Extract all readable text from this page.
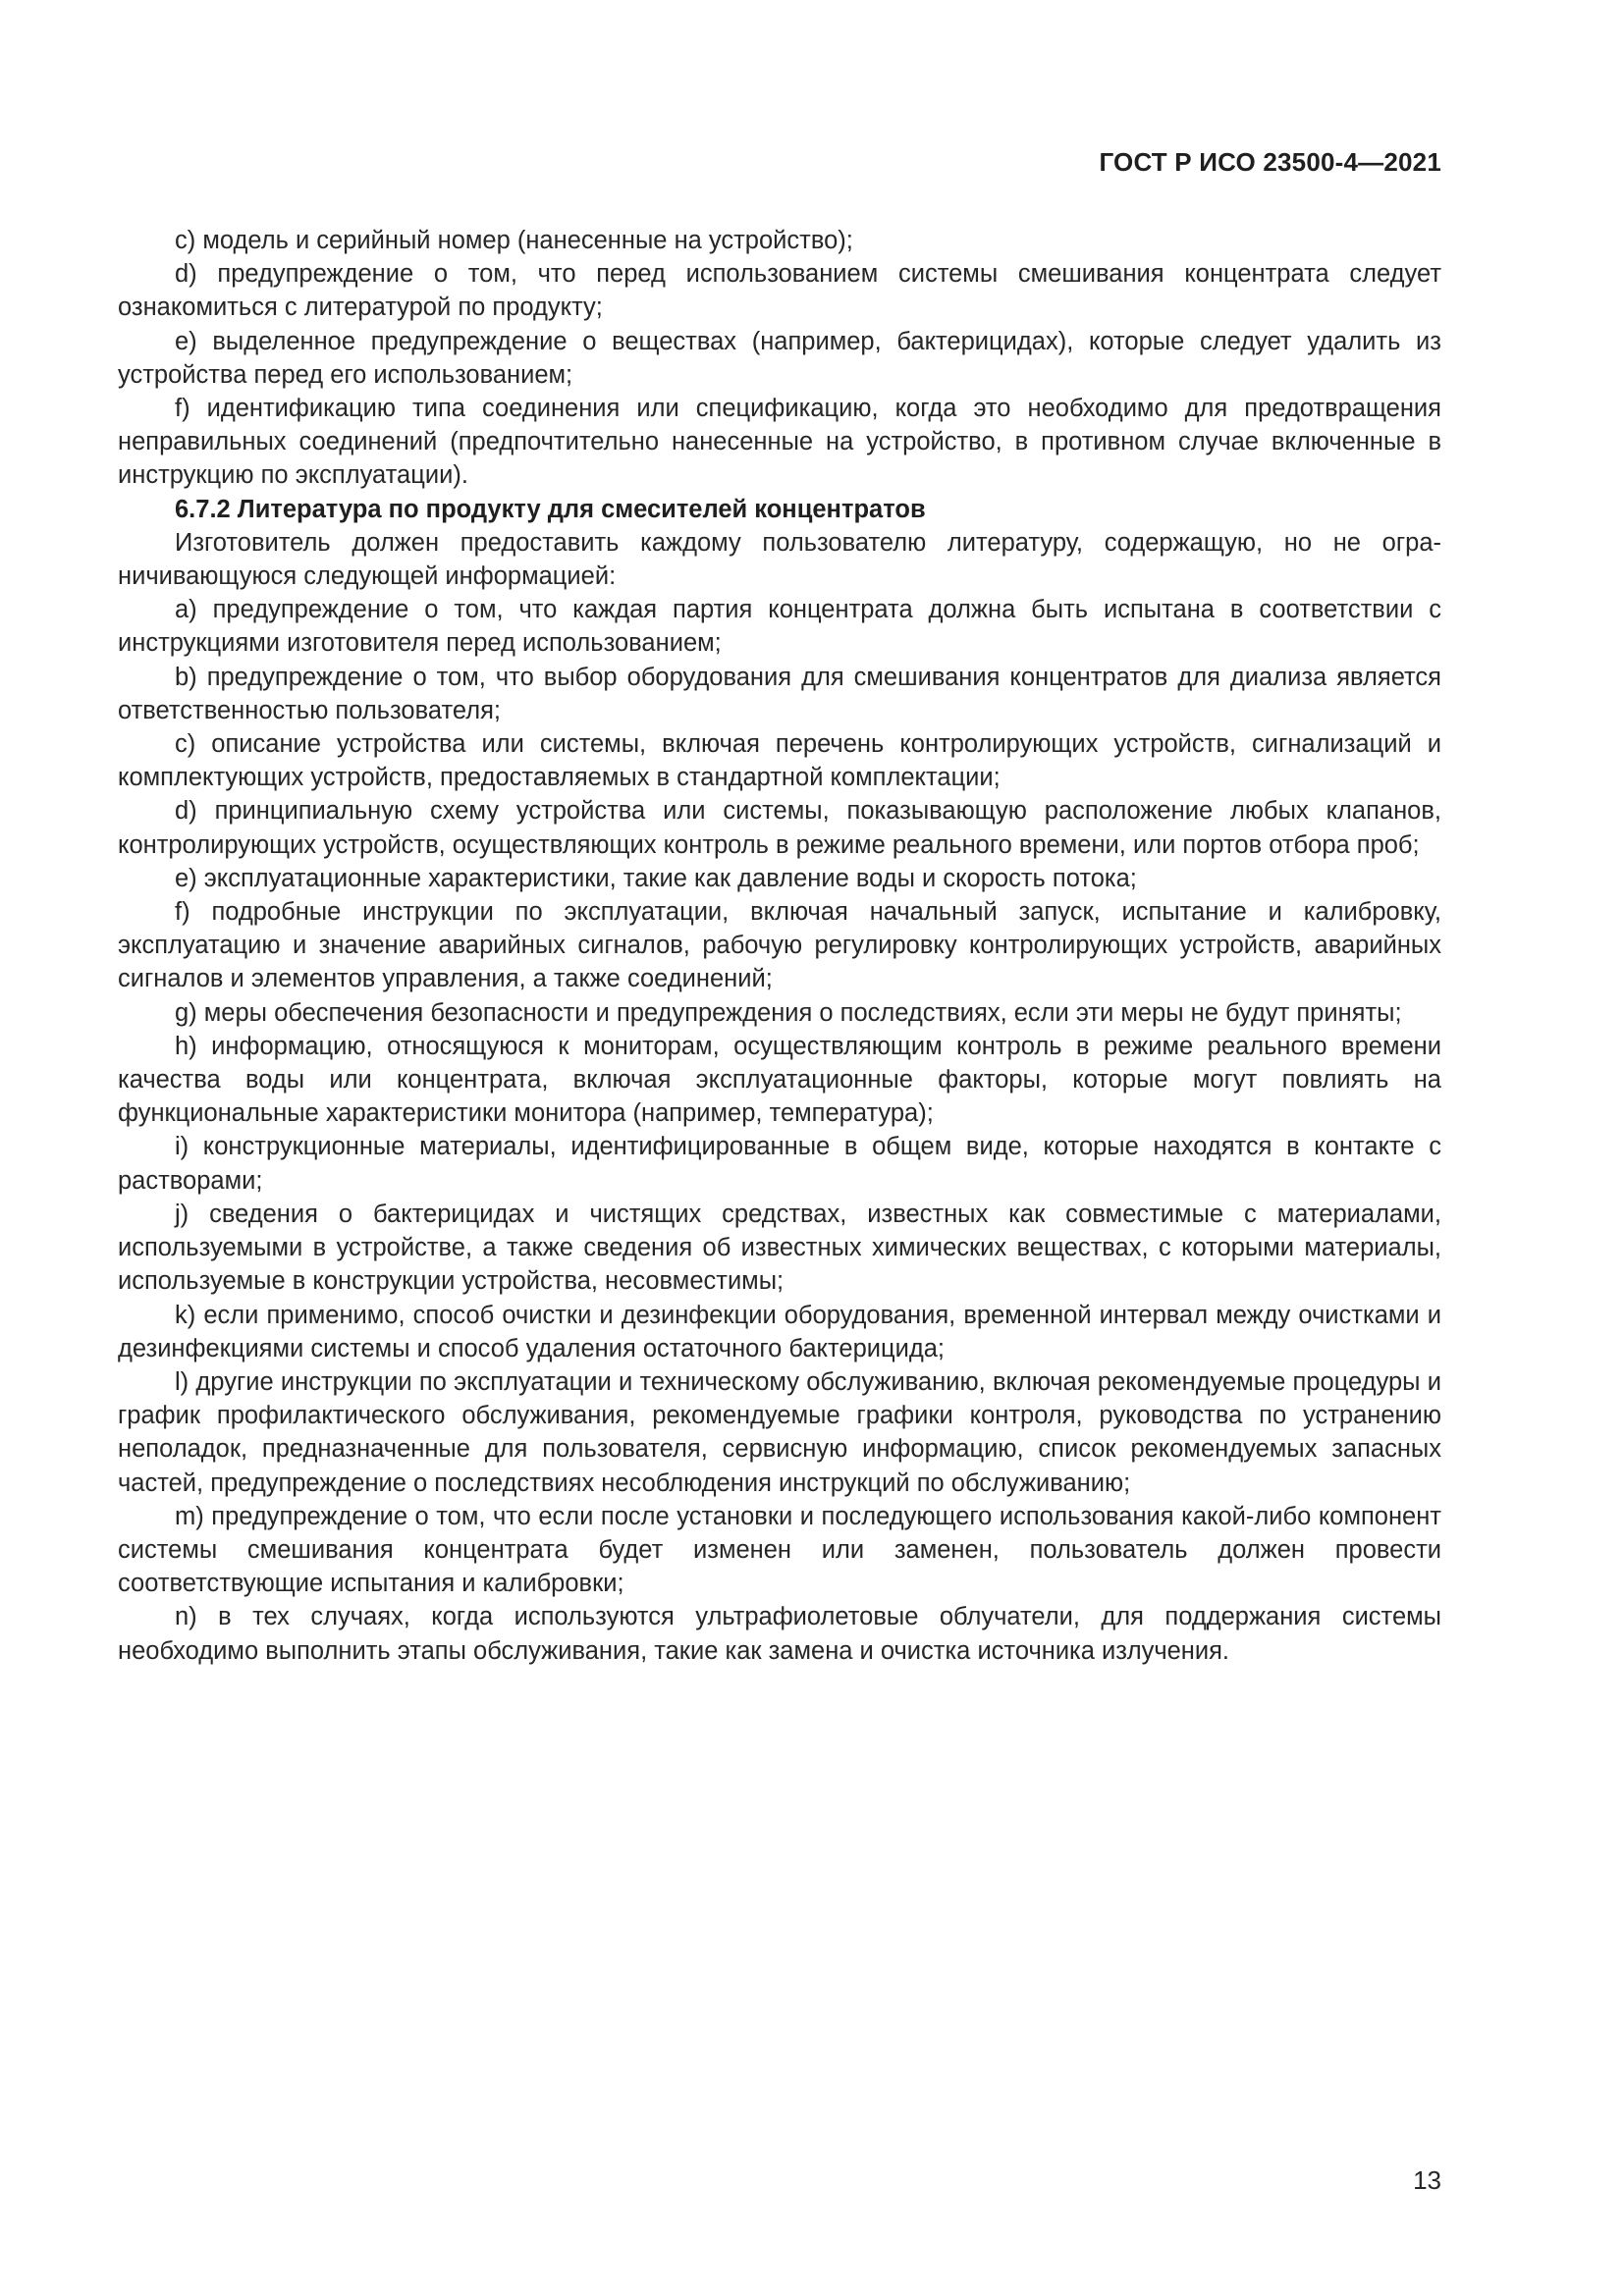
ГОСТ Р ИСО 23500-4—2021

c) модель и серийный номер (нанесенные на устройство);

d) предупреждение о том, что перед использованием системы смешивания концентрата следует ознакомиться с литературой по продукту;

e) выделенное предупреждение о веществах (например, бактерицидах), которые следует удалить из устройства перед его использованием;

f) идентификацию типа соединения или спецификацию, когда это необходимо для предотвращения неправильных соединений (предпочтительно нанесенные на устройство, в противном случае включенные в инструкцию по эксплуатации).

6.7.2 Литература по продукту для смесителей концентратов

Изготовитель должен предоставить каждому пользователю литературу, содержащую, но не ограничивающуюся следующей информацией:

a) предупреждение о том, что каждая партия концентрата должна быть испытана в соответствии с инструкциями изготовителя перед использованием;

b) предупреждение о том, что выбор оборудования для смешивания концентратов для диализа является ответственностью пользователя;

c) описание устройства или системы, включая перечень контролирующих устройств, сигнализаций и комплектующих устройств, предоставляемых в стандартной комплектации;

d) принципиальную схему устройства или системы, показывающую расположение любых клапанов, контролирующих устройств, осуществляющих контроль в режиме реального времени, или портов отбора проб;

e) эксплуатационные характеристики, такие как давление воды и скорость потока;

f) подробные инструкции по эксплуатации, включая начальный запуск, испытание и калибровку, эксплуатацию и значение аварийных сигналов, рабочую регулировку контролирующих устройств, аварийных сигналов и элементов управления, а также соединений;

g) меры обеспечения безопасности и предупреждения о последствиях, если эти меры не будут приняты;

h) информацию, относящуюся к мониторам, осуществляющим контроль в режиме реального времени качества воды или концентрата, включая эксплуатационные факторы, которые могут повлиять на функциональные характеристики монитора (например, температура);

i) конструкционные материалы, идентифицированные в общем виде, которые находятся в контакте с растворами;

j) сведения о бактерицидах и чистящих средствах, известных как совместимые с материалами, используемыми в устройстве, а также сведения об известных химических веществах, с которыми материалы, используемые в конструкции устройства, несовместимы;

k) если применимо, способ очистки и дезинфекции оборудования, временной интервал между очистками и дезинфекциями системы и способ удаления остаточного бактерицида;

l) другие инструкции по эксплуатации и техническому обслуживанию, включая рекомендуемые процедуры и график профилактического обслуживания, рекомендуемые графики контроля, руководства по устранению неполадок, предназначенные для пользователя, сервисную информацию, список рекомендуемых запасных частей, предупреждение о последствиях несоблюдения инструкций по обслуживанию;

m) предупреждение о том, что если после установки и последующего использования какой-либо компонент системы смешивания концентрата будет изменен или заменен, пользователь должен провести соответствующие испытания и калибровки;

n) в тех случаях, когда используются ультрафиолетовые облучатели, для поддержания системы необходимо выполнить этапы обслуживания, такие как замена и очистка источника излучения.

13
